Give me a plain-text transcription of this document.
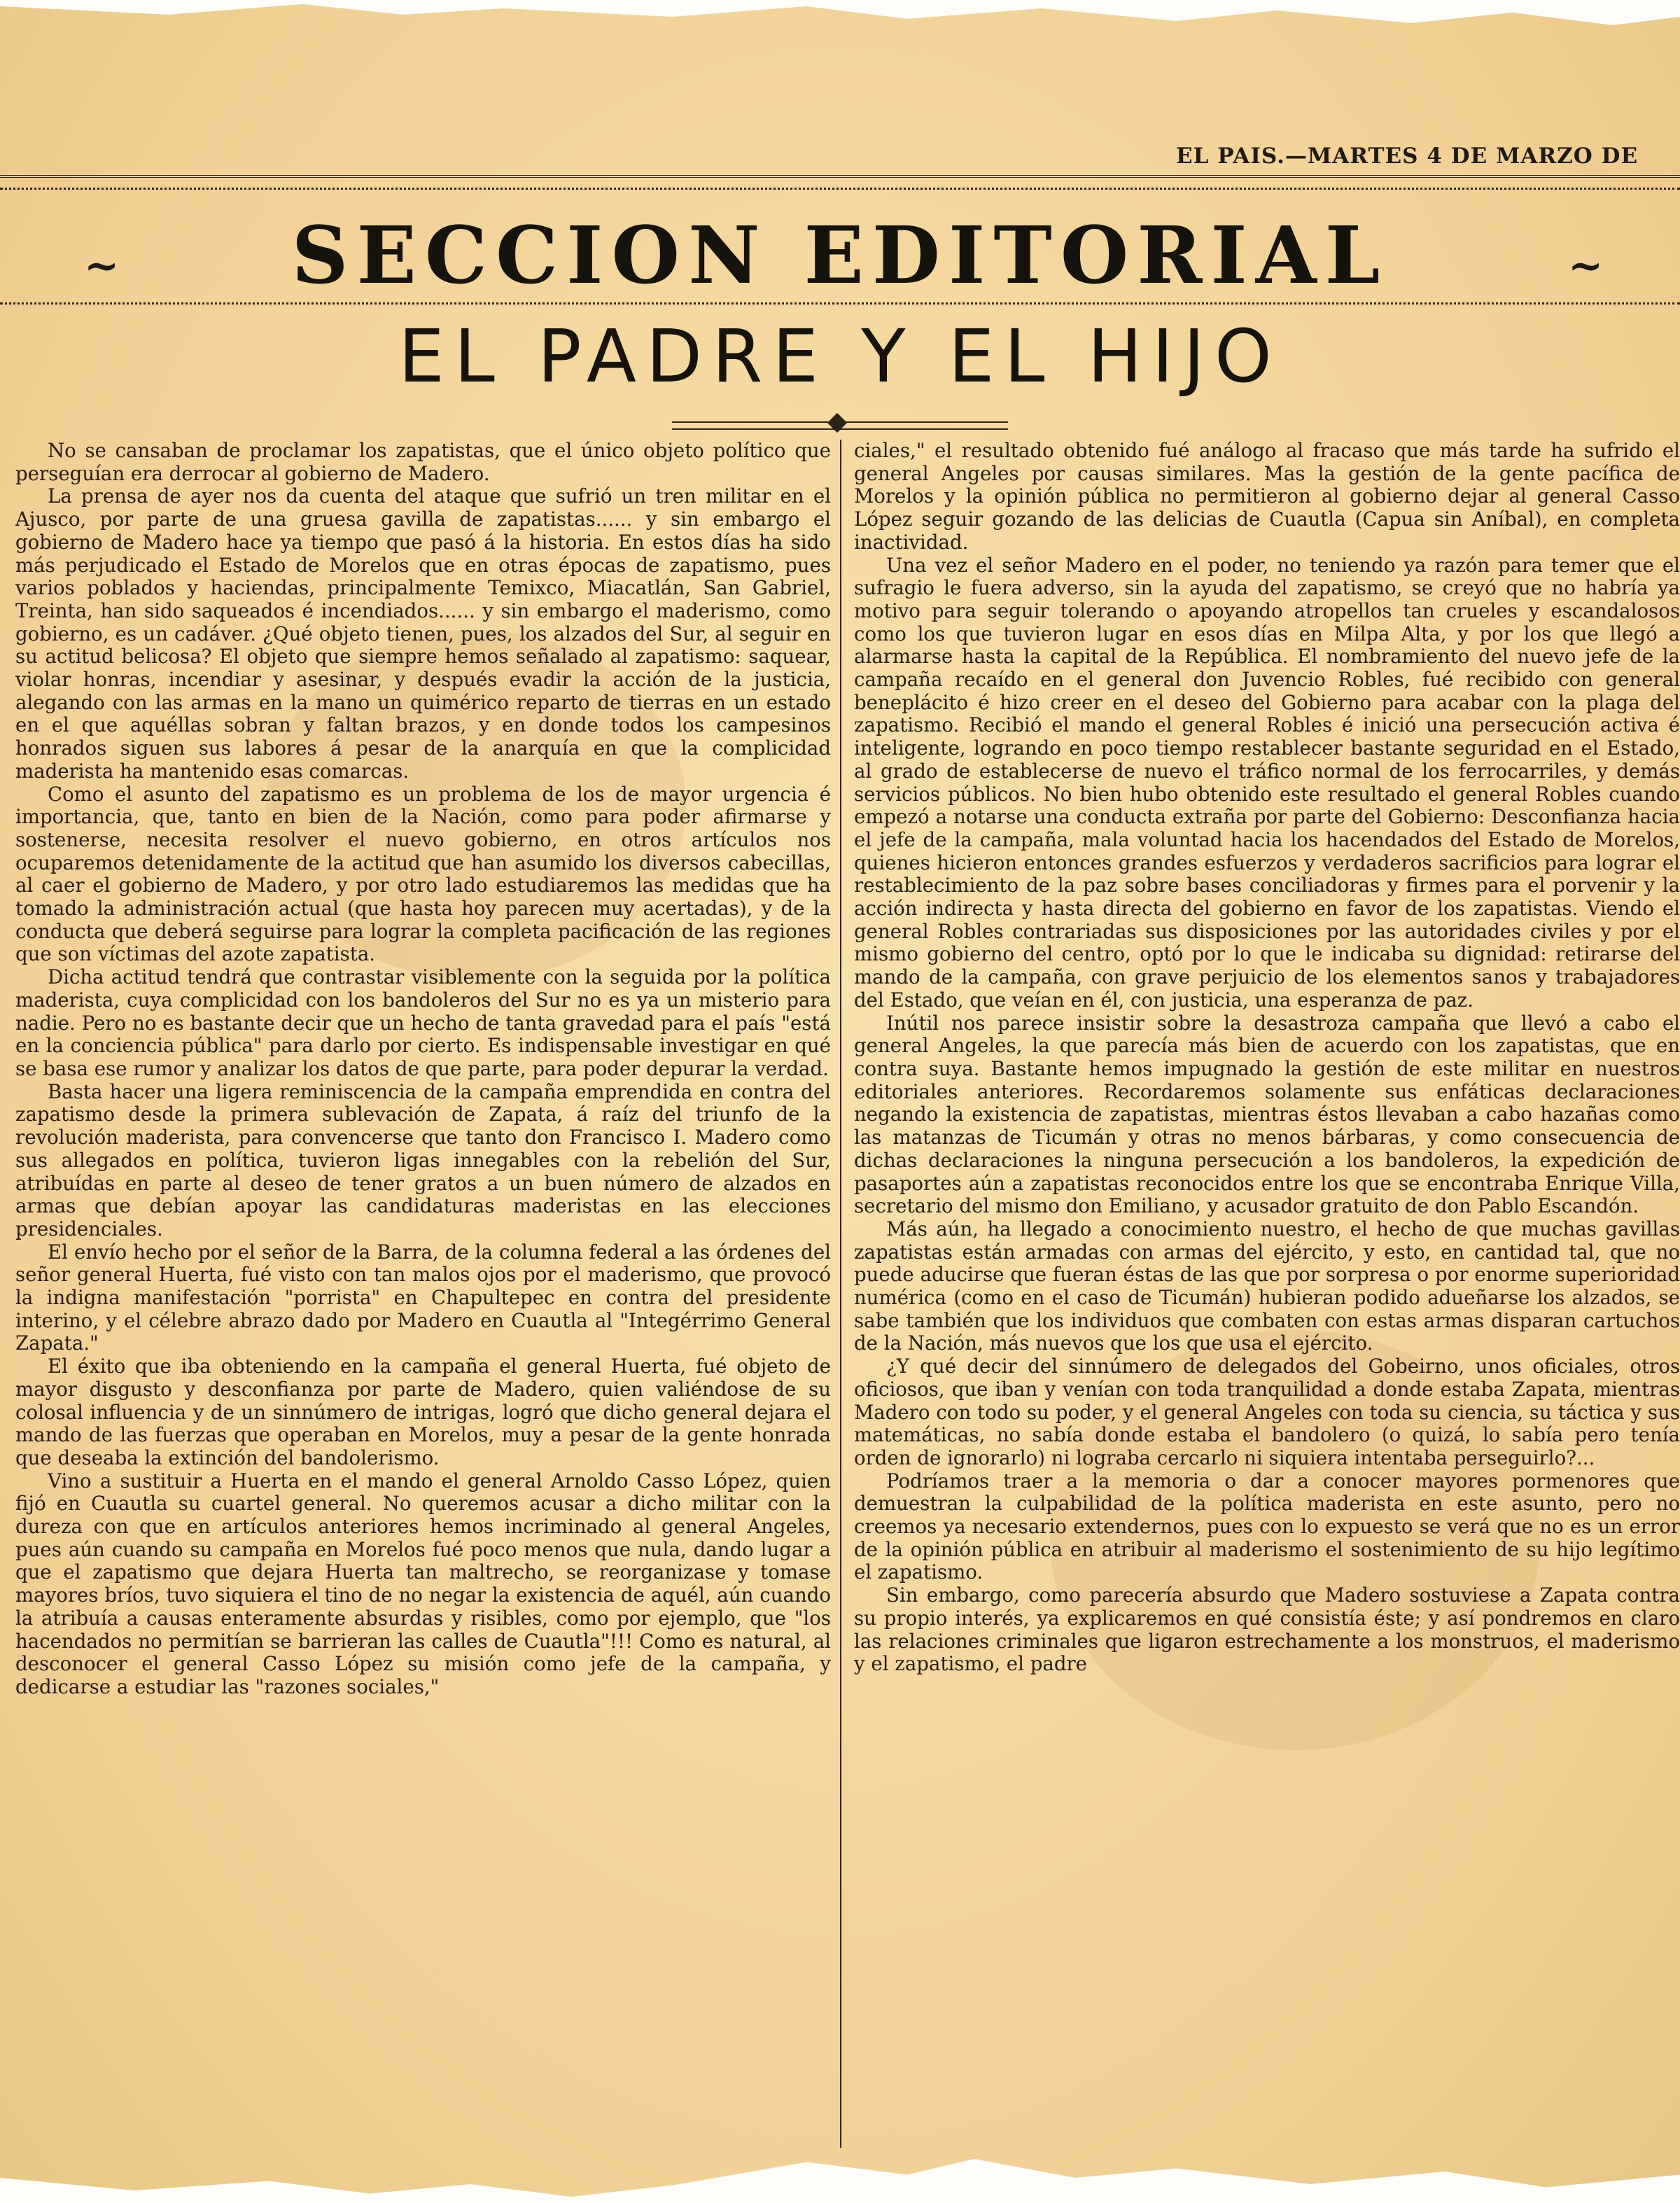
EL PAIS.—MARTES 4 DE MARZO DE
~	SECCION EDITORIAL	~
EL PADRE Y EL HIJO

No se cansaban de proclamar los zapatistas, que el único objeto político que perseguían era derrocar al gobierno de Madero.

La prensa de ayer nos da cuenta del ataque que sufrió un tren militar en el Ajusco, por parte de una gruesa gavilla de zapatistas...... y sin embargo el gobierno de Madero hace ya tiempo que pasó á la historia. En estos días ha sido más perjudicado el Estado de Morelos que en otras épocas de zapatismo, pues varios poblados y haciendas, principalmente Temixco, Miacatlán, San Gabriel, Treinta, han sido saqueados é incendiados...... y sin embargo el maderismo, como gobierno, es un cadáver. ¿Qué objeto tienen, pues, los alzados del Sur, al seguir en su actitud belicosa? El objeto que siempre hemos señalado al zapatismo: saquear, violar honras, incendiar y asesinar, y después evadir la acción de la justicia, alegando con las armas en la mano un quimérico reparto de tierras en un estado en el que aquéllas sobran y faltan brazos, y en donde todos los campesinos honrados siguen sus labores á pesar de la anarquía en que la complicidad maderista ha mantenido esas comarcas.

Como el asunto del zapatismo es un problema de los de mayor urgencia é importancia, que, tanto en bien de la Nación, como para poder afirmarse y sostenerse, necesita resolver el nuevo gobierno, en otros artículos nos ocuparemos detenidamente de la actitud que han asumido los diversos cabecillas, al caer el gobierno de Madero, y por otro lado estudiaremos las medidas que ha tomado la administración actual (que hasta hoy parecen muy acertadas), y de la conducta que deberá seguirse para lograr la completa pacificación de las regiones que son víctimas del azote zapatista.

Dicha actitud tendrá que contrastar visiblemente con la seguida por la política maderista, cuya complicidad con los bandoleros del Sur no es ya un misterio para nadie. Pero no es bastante decir que un hecho de tanta gravedad para el país "está en la conciencia pública" para darlo por cierto. Es indispensable investigar en qué se basa ese rumor y analizar los datos de que parte, para poder depurar la verdad.

Basta hacer una ligera reminiscencia de la campaña emprendida en contra del zapatismo desde la primera sublevación de Zapata, á raíz del triunfo de la revolución maderista, para convencerse que tanto don Francisco I. Madero como sus allegados en política, tuvieron ligas innegables con la rebelión del Sur, atribuídas en parte al deseo de tener gratos a un buen número de alzados en armas que debían apoyar las candidaturas maderistas en las elecciones presidenciales.

El envío hecho por el señor de la Barra, de la columna federal a las órdenes del señor general Huerta, fué visto con tan malos ojos por el maderismo, que provocó la indigna manifestación "porrista" en Chapultepec en contra del presidente interino, y el célebre abrazo dado por Madero en Cuautla al "Integérrimo General Zapata."

El éxito que iba obteniendo en la campaña el general Huerta, fué objeto de mayor disgusto y desconfianza por parte de Madero, quien valiéndose de su colosal influencia y de un sinnúmero de intrigas, logró que dicho general dejara el mando de las fuerzas que operaban en Morelos, muy a pesar de la gente honrada que deseaba la extinción del bandolerismo.

Vino a sustituir a Huerta en el mando el general Arnoldo Casso López, quien fijó en Cuautla su cuartel general. No queremos acusar a dicho militar con la dureza con que en artículos anteriores hemos incriminado al general Angeles, pues aún cuando su campaña en Morelos fué poco menos que nula, dando lugar a que el zapatismo que dejara Huerta tan maltrecho, se reorganizase y tomase mayores bríos, tuvo siquiera el tino de no negar la existencia de aquél, aún cuando la atribuía a causas enteramente absurdas y risibles, como por ejemplo, que "los hacendados no permitían se barrieran las calles de Cuautla"!!! Como es natural, al desconocer el general Casso López su misión como jefe de la campaña, y dedicarse a estudiar las "razones sociales,"

ciales," el resultado obtenido fué análogo al fracaso que más tarde ha sufrido el general Angeles por causas similares. Mas la gestión de la gente pacífica de Morelos y la opinión pública no permitieron al gobierno dejar al general Casso López seguir gozando de las delicias de Cuautla (Capua sin Aníbal), en completa inactividad.

Una vez el señor Madero en el poder, no teniendo ya razón para temer que el sufragio le fuera adverso, sin la ayuda del zapatismo, se creyó que no habría ya motivo para seguir tolerando o apoyando atropellos tan crueles y escandalosos como los que tuvieron lugar en esos días en Milpa Alta, y por los que llegó a alarmarse hasta la capital de la República. El nombramiento del nuevo jefe de la campaña recaído en el general don Juvencio Robles, fué recibido con general beneplácito é hizo creer en el deseo del Gobierno para acabar con la plaga del zapatismo. Recibió el mando el general Robles é inició una persecución activa é inteligente, logrando en poco tiempo restablecer bastante seguridad en el Estado, al grado de establecerse de nuevo el tráfico normal de los ferrocarriles, y demás servicios públicos. No bien hubo obtenido este resultado el general Robles cuando empezó a notarse una conducta extraña por parte del Gobierno: Desconfianza hacia el jefe de la campaña, mala voluntad hacia los hacendados del Estado de Morelos, quienes hicieron entonces grandes esfuerzos y verdaderos sacrificios para lograr el restablecimiento de la paz sobre bases conciliadoras y firmes para el porvenir y la acción indirecta y hasta directa del gobierno en favor de los zapatistas. Viendo el general Robles contrariadas sus disposiciones por las autoridades civiles y por el mismo gobierno del centro, optó por lo que le indicaba su dignidad: retirarse del mando de la campaña, con grave perjuicio de los elementos sanos y trabajadores del Estado, que veían en él, con justicia, una esperanza de paz.

Inútil nos parece insistir sobre la desastroza campaña que llevó a cabo el general Angeles, la que parecía más bien de acuerdo con los zapatistas, que en contra suya. Bastante hemos impugnado la gestión de este militar en nuestros editoriales anteriores. Recordaremos solamente sus enfáticas declaraciones negando la existencia de zapatistas, mientras éstos llevaban a cabo hazañas como las matanzas de Ticumán y otras no menos bárbaras, y como consecuencia de dichas declaraciones la ninguna persecución a los bandoleros, la expedición de pasaportes aún a zapatistas reconocidos entre los que se encontraba Enrique Villa, secretario del mismo don Emiliano, y acusador gratuito de don Pablo Escandón.

Más aún, ha llegado a conocimiento nuestro, el hecho de que muchas gavillas zapatistas están armadas con armas del ejército, y esto, en cantidad tal, que no puede aducirse que fueran éstas de las que por sorpresa o por enorme superioridad numérica (como en el caso de Ticumán) hubieran podido adueñarse los alzados, se sabe también que los individuos que combaten con estas armas disparan cartuchos de la Nación, más nuevos que los que usa el ejército.

¿Y qué decir del sinnúmero de delegados del Gobeirno, unos oficiales, otros oficiosos, que iban y venían con toda tranquilidad a donde estaba Zapata, mientras Madero con todo su poder, y el general Angeles con toda su ciencia, su táctica y sus matemáticas, no sabía donde estaba el bandolero (o quizá, lo sabía pero tenía orden de ignorarlo) ni lograba cercarlo ni siquiera intentaba perseguirlo?...

Podríamos traer a la memoria o dar a conocer mayores pormenores que demuestran la culpabilidad de la política maderista en este asunto, pero no creemos ya necesario extendernos, pues con lo expuesto se verá que no es un error de la opinión pública en atribuir al maderismo el sostenimiento de su hijo legítimo el zapatismo.

Sin embargo, como parecería absurdo que Madero sostuviese a Zapata contra su propio interés, ya explicaremos en qué consistía éste; y así pondremos en claro las relaciones criminales que ligaron estrechamente a los monstruos, el maderismo y el zapatismo, el padre
